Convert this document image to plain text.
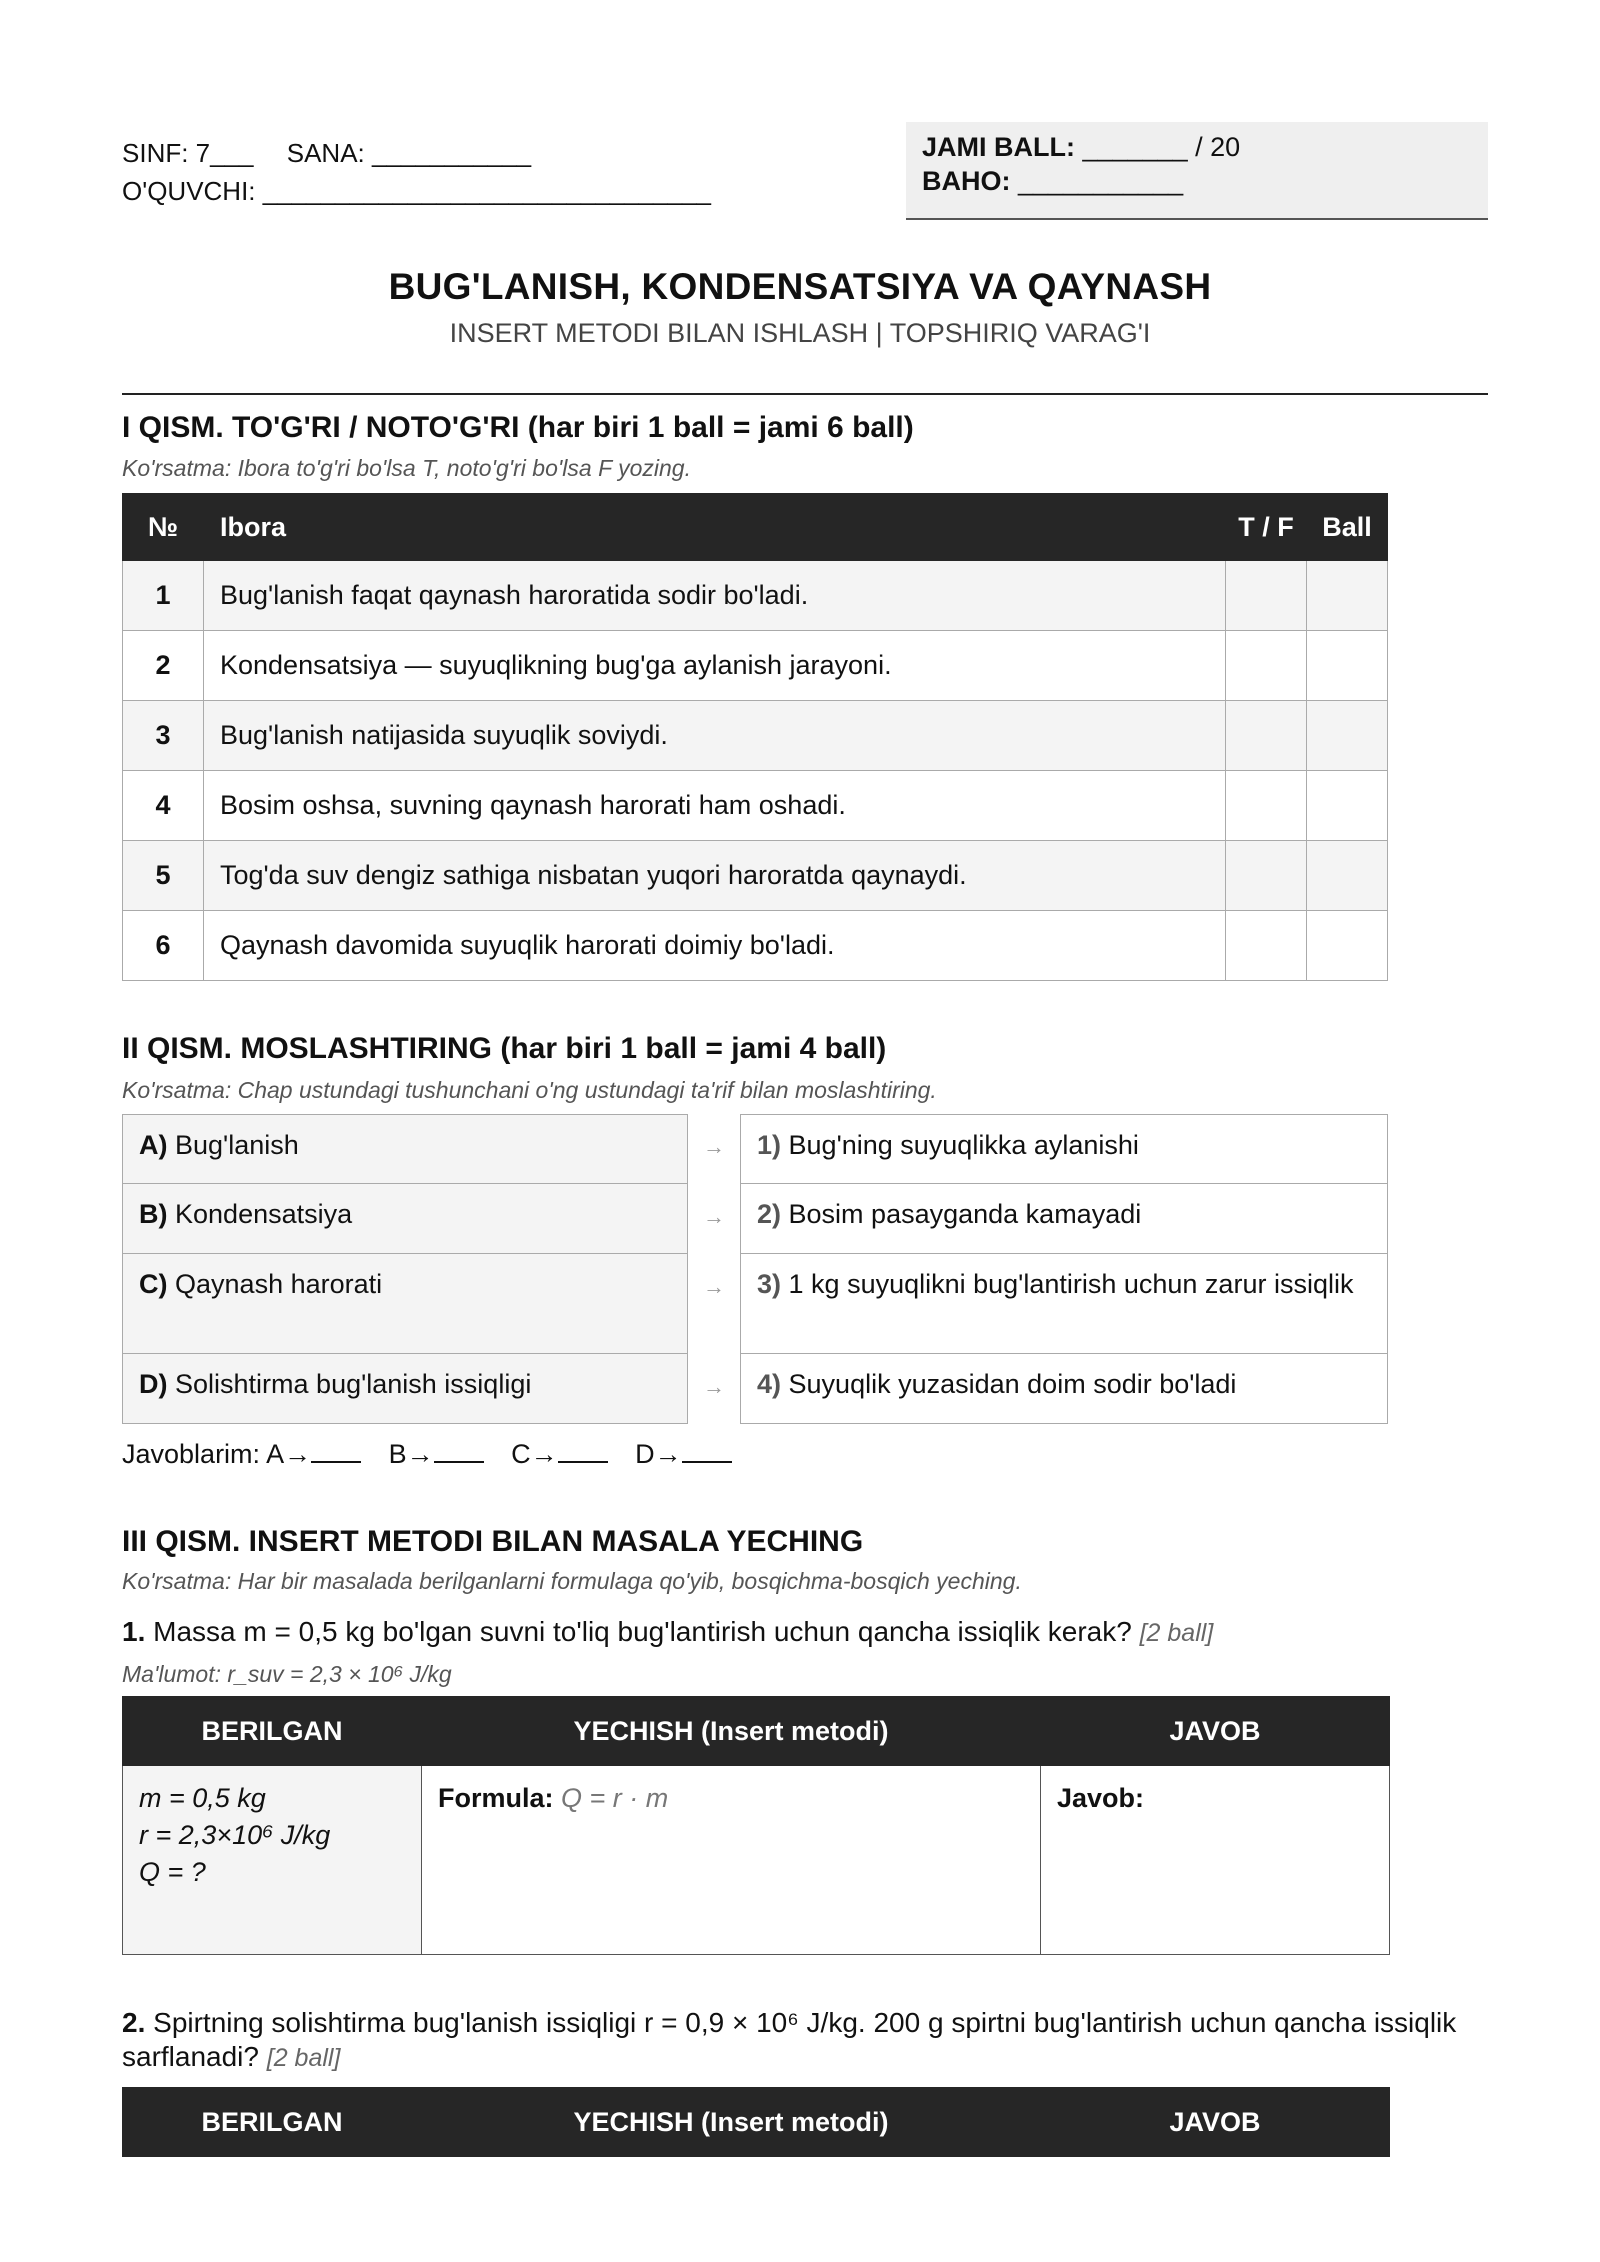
SINF: 7___ SANA: ___________
O'QUVCHI: _______________________________
JAMI BALL: _______ / 20
BAHO: ___________
BUG'LANISH, KONDENSATSIYA VA QAYNASH
INSERT METODI BILAN ISHLASH | TOPSHIRIQ VARAG'I
I QISM. TO'G'RI / NOTO'G'RI (har biri 1 ball = jami 6 ball)
Ko'rsatma: Ibora to'g'ri bo'lsa T, noto'g'ri bo'lsa F yozing.
№	Ibora	T / F	Ball
1	Bug'lanish faqat qaynash haroratida sodir bo'ladi.		
2	Kondensatsiya — suyuqlikning bug'ga aylanish jarayoni.		
3	Bug'lanish natijasida suyuqlik soviydi.		
4	Bosim oshsa, suvning qaynash harorati ham oshadi.		
5	Tog'da suv dengiz sathiga nisbatan yuqori haroratda qaynaydi.		
6	Qaynash davomida suyuqlik harorati doimiy bo'ladi.		
II QISM. MOSLASHTIRING (har biri 1 ball = jami 4 ball)
Ko'rsatma: Chap ustundagi tushunchani o'ng ustundagi ta'rif bilan moslashtiring.
A) Bug'lanish	→	1) Bug'ning suyuqlikka aylanishi
B) Kondensatsiya	→	2) Bosim pasayganda kamayadi
C) Qaynash harorati	→	3) 1 kg suyuqlikni bug'lantirish uchun zarur issiqlik
D) Solishtirma bug'lanish issiqligi	→	4) Suyuqlik yuzasidan doim sodir bo'ladi
Javoblarim: A→	B→	C→	D→
III QISM. INSERT METODI BILAN MASALA YECHING
Ko'rsatma: Har bir masalada berilganlarni formulaga qo'yib, bosqichma-bosqich yeching.
1. Massa m = 0,5 kg bo'lgan suvni to'liq bug'lantirish uchun qancha issiqlik kerak? [2 ball]
Ma'lumot: r_suv = 2,3 × 10⁶ J/kg
BERILGAN	YECHISH (Insert metodi)	JAVOB

m = 0,5 kg
r = 2,3×10⁶ J/kg
Q = ?	Formula: Q = r · m	Javob:
2. Spirtning solishtirma bug'lanish issiqligi r = 0,9 × 10⁶ J/kg. 200 g spirtni bug'lantirish uchun qancha issiqlik sarflanadi? [2 ball]
BERILGAN	YECHISH (Insert metodi)	JAVOB
